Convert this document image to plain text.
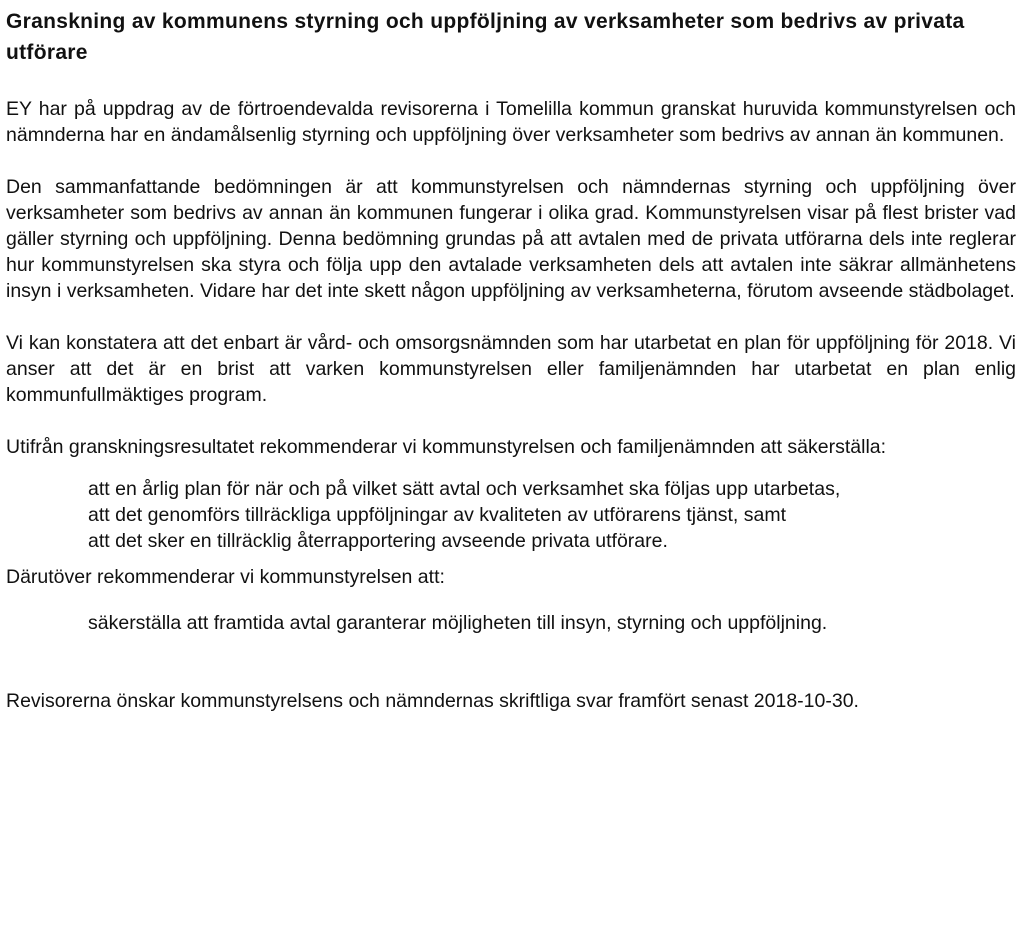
Granskning av kommunens styrning och uppföljning av verksamheter som bedrivs av privata utförare

EY har på uppdrag av de förtroendevalda revisorerna i Tomelilla kommun granskat huruvida kommunstyrelsen och nämnderna har en ändamålsenlig styrning och uppföljning över verksamheter som bedrivs av annan än kommunen.

Den sammanfattande bedömningen är att kommunstyrelsen och nämndernas styrning och uppföljning över verksamheter som bedrivs av annan än kommunen fungerar i olika grad. Kommunstyrelsen visar på flest brister vad gäller styrning och uppföljning. Denna bedömning grundas på att avtalen med de privata utförarna dels inte reglerar hur kommunstyrelsen ska styra och följa upp den avtalade verksamheten dels att avtalen inte säkrar allmänhetens insyn i verksamheten. Vidare har det inte skett någon uppföljning av verksamheterna, förutom avseende städbolaget.

Vi kan konstatera att det enbart är vård- och omsorgsnämnden som har utarbetat en plan för uppföljning för 2018. Vi anser att det är en brist att varken kommunstyrelsen eller familjenämnden har utarbetat en plan enlig kommunfullmäktiges program.

Utifrån granskningsresultatet rekommenderar vi kommunstyrelsen och familjenämnden att säkerställa:

att en årlig plan för när och på vilket sätt avtal och verksamhet ska följas upp utarbetas,
att det genomförs tillräckliga uppföljningar av kvaliteten av utförarens tjänst, samt
att det sker en tillräcklig återrapportering avseende privata utförare.

Därutöver rekommenderar vi kommunstyrelsen att:

säkerställa att framtida avtal garanterar möjligheten till insyn, styrning och uppföljning.

Revisorerna önskar kommunstyrelsens och nämndernas skriftliga svar framfört senast 2018-10-30.
